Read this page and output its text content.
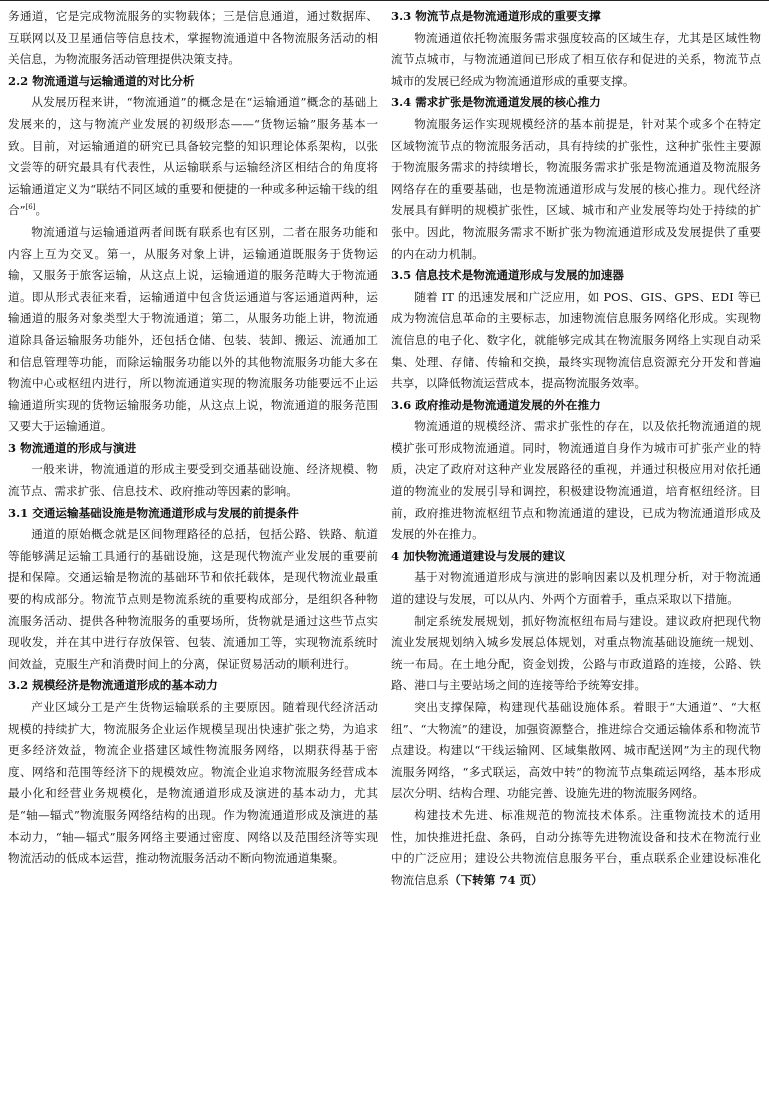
务通道，它是完成物流服务的实物载体；三是信息通道，通过数据库、互联网以及卫星通信等信息技术，掌握物流通道中各物流服务活动的相关信息，为物流服务活动管理提供决策支持。

2.2 物流通道与运输通道的对比分析

从发展历程来讲，“物流通道”的概念是在“运输通道”概念的基础上发展来的，这与物流产业发展的初级形态——“货物运输”服务基本一致。目前，对运输通道的研究已具备较完整的知识理论体系架构，以张文尝等的研究最具有代表性，从运输联系与运输经济区相结合的角度将运输通道定义为“联结不同区域的重要和便捷的一种或多种运输干线的组合”[6]。

物流通道与运输通道两者间既有联系也有区别，二者在服务功能和内容上互为交叉。第一，从服务对象上讲，运输通道既服务于货物运输，又服务于旅客运输，从这点上说，运输通道的服务范畴大于物流通道。即从形式表征来看，运输通道中包含货运通道与客运通道两种，运输通道的服务对象类型大于物流通道；第二，从服务功能上讲，物流通道除具备运输服务功能外，还包括仓储、包装、装卸、搬运、流通加工和信息管理等功能，而除运输服务功能以外的其他物流服务功能大多在物流中心或枢纽内进行，所以物流通道实现的物流服务功能要远不止运输通道所实现的货物运输服务功能，从这点上说，物流通道的服务范围又要大于运输通道。

3 物流通道的形成与演进

一般来讲，物流通道的形成主要受到交通基础设施、经济规模、物流节点、需求扩张、信息技术、政府推动等因素的影响。

3.1 交通运输基础设施是物流通道形成与发展的前提条件

通道的原始概念就是区间物理路径的总括，包括公路、铁路、航道等能够满足运输工具通行的基础设施，这是现代物流产业发展的重要前提和保障。交通运输是物流的基础环节和依托载体，是现代物流业最重要的构成部分。物流节点则是物流系统的重要构成部分，是组织各种物流服务活动、提供各种物流服务的重要场所，货物就是通过这些节点实现收发，并在其中进行存放保管、包装、流通加工等，实现物流系统时间效益，克服生产和消费时间上的分离，保证贸易活动的顺利进行。

3.2 规模经济是物流通道形成的基本动力

产业区域分工是产生货物运输联系的主要原因。随着现代经济活动规模的持续扩大，物流服务企业运作规模呈现出快速扩张之势，为追求更多经济效益，物流企业搭建区域性物流服务网络，以期获得基于密度、网络和范围等经济下的规模效应。物流企业追求物流服务经营成本最小化和经营业务规模化，是物流通道形成及演进的基本动力，尤其是“轴—辐式”物流服务网络结构的出现。作为物流通道形成及演进的基本动力，“轴—辐式”服务网络主要通过密度、网络以及范围经济等实现物流活动的低成本运营，推动物流服务活动不断向物流通道集聚。

3.3 物流节点是物流通道形成的重要支撑

物流通道依托物流服务需求强度较高的区域生存，尤其是区域性物流节点城市，与物流通道间已形成了相互依存和促进的关系，物流节点城市的发展已经成为物流通道形成的重要支撑。

3.4 需求扩张是物流通道发展的核心推力

物流服务运作实现规模经济的基本前提是，针对某个或多个在特定区域物流节点的物流服务活动，具有持续的扩张性，这种扩张性主要源于物流服务需求的持续增长，物流服务需求扩张是物流通道及物流服务网络存在的重要基础，也是物流通道形成与发展的核心推力。现代经济发展具有鲜明的规模扩张性，区域、城市和产业发展等均处于持续的扩张中。因此，物流服务需求不断扩张为物流通道形成及发展提供了重要的内在动力机制。

3.5 信息技术是物流通道形成与发展的加速器

随着 IT 的迅速发展和广泛应用，如 POS、GIS、GPS、EDI 等已成为物流信息革命的主要标志，加速物流信息服务网络化形成。实现物流信息的电子化、数字化，就能够完成其在物流服务网络上实现自动采集、处理、存储、传输和交换，最终实现物流信息资源充分开发和普遍共享，以降低物流运营成本，提高物流服务效率。

3.6 政府推动是物流通道发展的外在推力

物流通道的规模经济、需求扩张性的存在，以及依托物流通道的规模扩张可形成物流通道。同时，物流通道自身作为城市可扩张产业的特质，决定了政府对这种产业发展路径的重视，并通过积极应用对依托通道的物流业的发展引导和调控，积极建设物流通道，培育枢纽经济。目前，政府推进物流枢纽节点和物流通道的建设，已成为物流通道形成及发展的外在推力。

4 加快物流通道建设与发展的建议

基于对物流通道形成与演进的影响因素以及机理分析，对于物流通道的建设与发展，可以从内、外两个方面着手，重点采取以下措施。

制定系统发展规划，抓好物流枢纽布局与建设。建议政府把现代物流业发展规划纳入城乡发展总体规划，对重点物流基础设施统一规划、统一布局。在土地分配，资金划拨，公路与市政道路的连接，公路、铁路、港口与主要站场之间的连接等给予统筹安排。

突出支撑保障，构建现代基础设施体系。着眼于“大通道”、“大枢纽”、“大物流”的建设，加强资源整合，推进综合交通运输体系和物流节点建设。构建以“干线运输网、区域集散网、城市配送网”为主的现代物流服务网络，“多式联运，高效中转”的物流节点集疏运网络，基本形成层次分明、结构合理、功能完善、设施先进的物流服务网络。

构建技术先进、标准规范的物流技术体系。注重物流技术的适用性，加快推进托盘、条码，自动分拣等先进物流设备和技术在物流行业中的广泛应用；建设公共物流信息服务平台，重点联系企业建设标准化物流信息系（下转第 74 页）
